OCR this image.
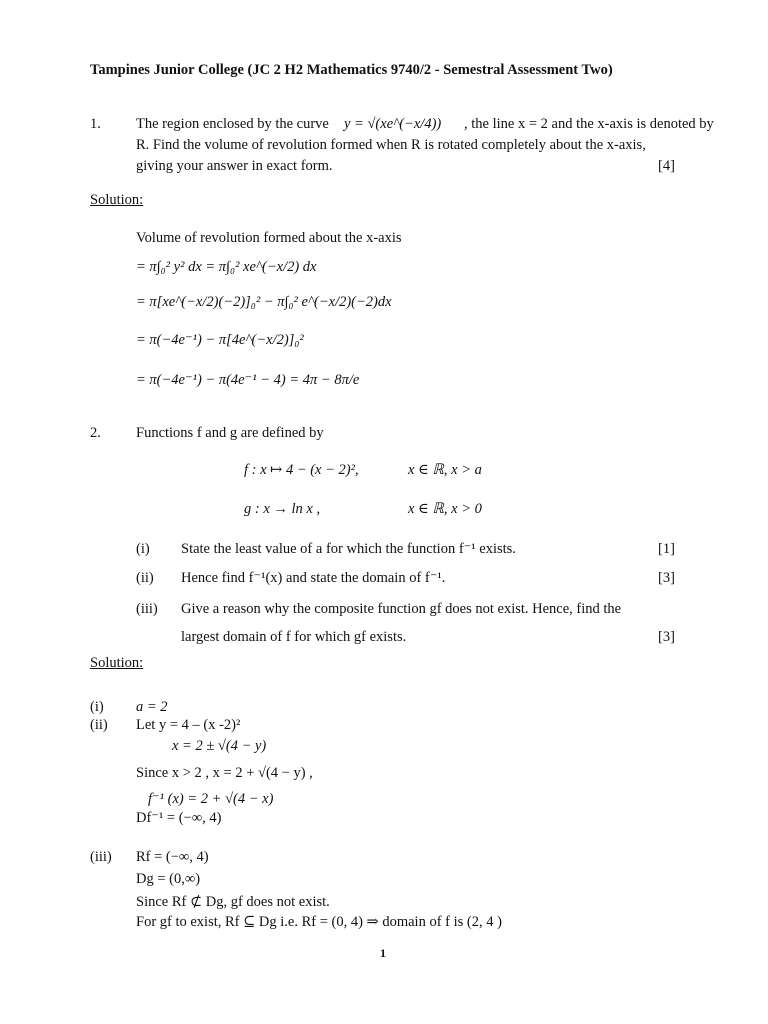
Tampines Junior College (JC 2 H2 Mathematics 9740/2 - Semestral Assessment Two)
1. The region enclosed by the curve y = √(xe^(−x/4)) , the line x = 2 and the x-axis is denoted by
R. Find the volume of revolution formed when R is rotated completely about the x-axis,
giving your answer in exact form.	[4]
Solution:
Volume of revolution formed about the x-axis
= π∫₀² y² dx = π∫₀² xe^(−x/2) dx
= π[xe^(−x/2)(−2)]₀² − π∫₀² e^(−x/2)(−2)dx
= π(−4e⁻¹) − π[4e^(−x/2)]₀²
= π(−4e⁻¹) − π(4e⁻¹ − 4) = 4π − 8π/e
2. Functions f and g are defined by
f : x ↦ 4 − (x − 2)²,	x ∈ ℝ, x > a
g : x → ln x ,	x ∈ ℝ, x > 0
(i) State the least value of a for which the function f⁻¹ exists.	[1]
(ii) Hence find f⁻¹(x) and state the domain of f⁻¹.	[3]
(iii) Give a reason why the composite function gf does not exist. Hence, find the
largest domain of f for which gf exists.	[3]
Solution:
(i) a = 2
(ii) Let y = 4 – (x -2)²
x = 2 ± √(4 − y)
Since x > 2 , x = 2 + √(4 − y) ,
f⁻¹ (x) = 2 + √(4 − x)
Df⁻¹ = (−∞, 4)
(iii) Rf = (−∞, 4)
Dg = (0,∞)
Since Rf ⊄ Dg, gf does not exist.
For gf to exist, Rf ⊆ Dg i.e. Rf = (0, 4) ⇒ domain of f is (2, 4 )
1
